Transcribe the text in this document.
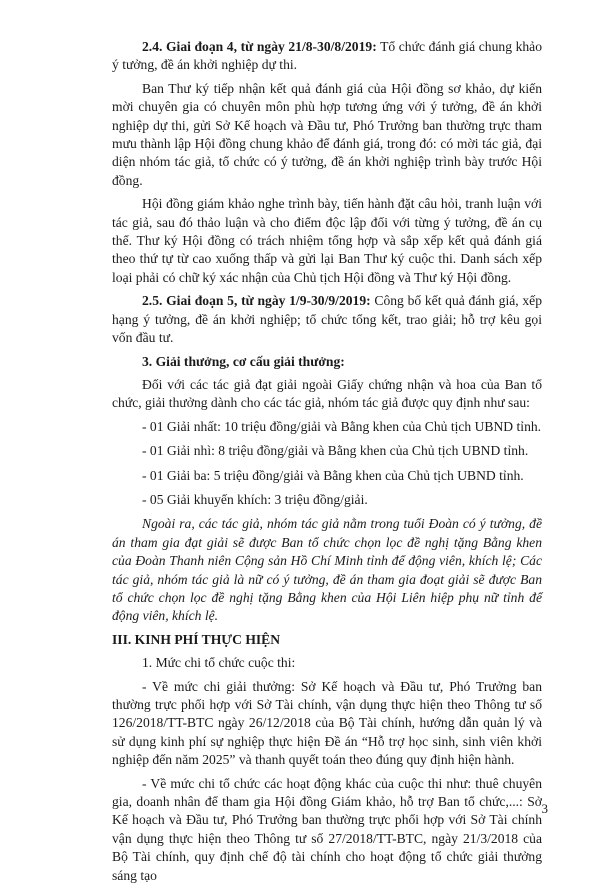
2.4. Giai đoạn 4, từ ngày 21/8-30/8/2019: Tổ chức đánh giá chung khảo ý tưởng, đề án khởi nghiệp dự thi.

Ban Thư ký tiếp nhận kết quả đánh giá của Hội đồng sơ khảo, dự kiến mời chuyên gia có chuyên môn phù hợp tương ứng với ý tưởng, đề án khởi nghiệp dự thi, gửi Sở Kế hoạch và Đầu tư, Phó Trưởng ban thường trực tham mưu thành lập Hội đồng chung khảo để đánh giá, trong đó: có mời tác giả, đại diện nhóm tác giả, tổ chức có ý tưởng, đề án khởi nghiệp trình bày trước Hội đồng.

Hội đồng giám khảo nghe trình bày, tiến hành đặt câu hỏi, tranh luận với tác giả, sau đó thảo luận và cho điểm độc lập đối với từng ý tưởng, đề án cụ thể. Thư ký Hội đồng có trách nhiệm tổng hợp và sắp xếp kết quả đánh giá theo thứ tự từ cao xuống thấp và gửi lại Ban Thư ký cuộc thi. Danh sách xếp loại phải có chữ ký xác nhận của Chủ tịch Hội đồng và Thư ký Hội đồng.

2.5. Giai đoạn 5, từ ngày 1/9-30/9/2019: Công bố kết quả đánh giá, xếp hạng ý tưởng, đề án khởi nghiệp; tổ chức tổng kết, trao giải; hỗ trợ kêu gọi vốn đầu tư.

3. Giải thưởng, cơ cấu giải thưởng:

Đối với các tác giả đạt giải ngoài Giấy chứng nhận và hoa của Ban tổ chức, giải thưởng dành cho các tác giả, nhóm tác giả được quy định như sau:

- 01 Giải nhất: 10 triệu đồng/giải và Bằng khen của Chủ tịch UBND tỉnh.

- 01 Giải nhì: 8 triệu đồng/giải và Bằng khen của Chủ tịch UBND tỉnh.

- 01 Giải ba: 5 triệu đồng/giải và Bằng khen của Chủ tịch UBND tỉnh.

- 05 Giải khuyến khích: 3 triệu đồng/giải.

Ngoài ra, các tác giả, nhóm tác giả nằm trong tuổi Đoàn có ý tưởng, đề án tham gia đạt giải sẽ được Ban tổ chức chọn lọc đề nghị tặng Bằng khen của Đoàn Thanh niên Cộng sản Hồ Chí Minh tỉnh để động viên, khích lệ; Các tác giả, nhóm tác giả là nữ có ý tưởng, đề án tham gia đoạt giải sẽ được Ban tổ chức chọn lọc đề nghị tặng Bằng khen của Hội Liên hiệp phụ nữ tỉnh để động viên, khích lệ.

III. KINH PHÍ THỰC HIỆN

1. Mức chi tổ chức cuộc thi:

- Về mức chi giải thưởng: Sở Kế hoạch và Đầu tư, Phó Trưởng ban thường trực phối hợp với Sở Tài chính, vận dụng thực hiện theo Thông tư số 126/2018/TT-BTC ngày 26/12/2018 của Bộ Tài chính, hướng dẫn quản lý và sử dụng kinh phí sự nghiệp thực hiện Đề án “Hỗ trợ học sinh, sinh viên khởi nghiệp đến năm 2025” và thanh quyết toán theo đúng quy định hiện hành.

- Về mức chi tổ chức các hoạt động khác của cuộc thi như: thuê chuyên gia, doanh nhân để tham gia Hội đồng Giám khảo, hỗ trợ Ban tổ chức,...: Sở Kế hoạch và Đầu tư, Phó Trưởng ban thường trực phối hợp với Sở Tài chính vận dụng thực hiện theo Thông tư số 27/2018/TT-BTC, ngày 21/3/2018 của Bộ Tài chính, quy định chế độ tài chính cho hoạt động tổ chức giải thưởng sáng tạo

3
